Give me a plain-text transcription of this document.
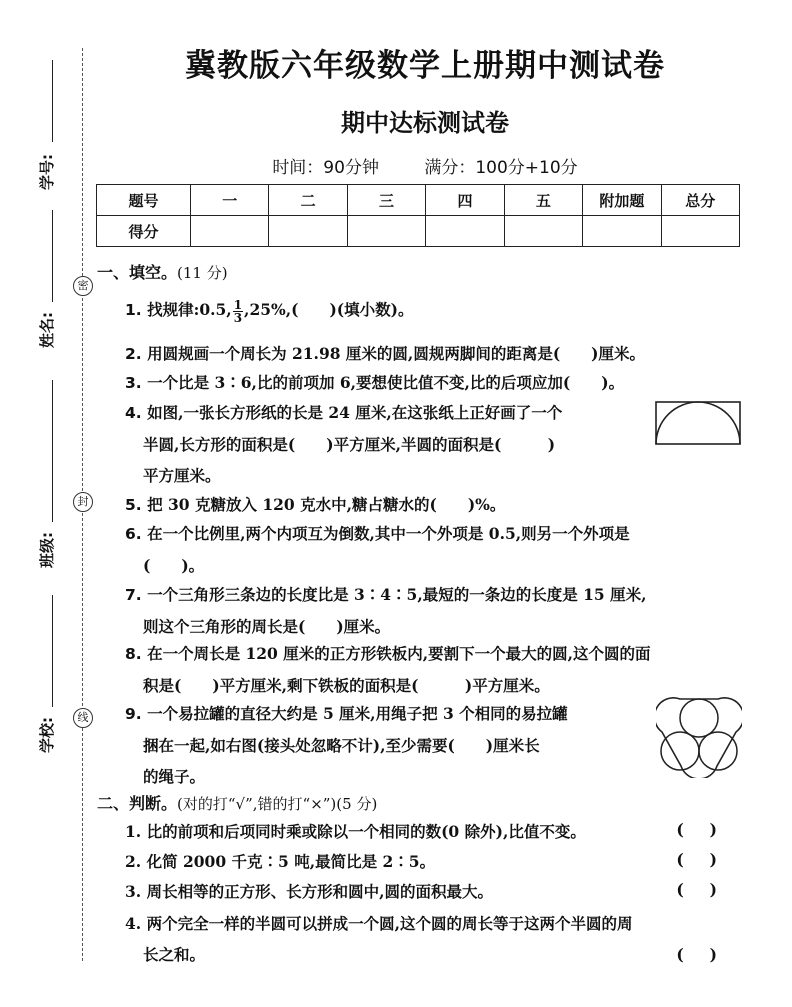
学号:
姓名:
班级:
学校:
密
封
线
冀教版六年级数学上册期中测试卷
期中达标测试卷
时间：90分钟	满分：100分+10分
题号	一	二	三	四	五	附加题	总分
得分							
一、填空。(11 分)
1. 找规律:0.5, $\frac{1}{3} ,25\%$,(　　)(填小数)。
2. 用圆规画一个周长为 21.98 厘米的圆,圆规两脚间的距离是(　　)厘米。
3. 一个比是 3∶6,比的前项加 6,要想使比值不变,比的后项应加(　　)。
4. 如图,一张长方形纸的长是 24 厘米,在这张纸上正好画了一个
半圆,长方形的面积是(　　)平方厘米,半圆的面积是(　　　)
平方厘米。
5. 把 30 克糖放入 120 克水中,糖占糖水的(　　)%。
6. 在一个比例里,两个内项互为倒数,其中一个外项是 0.5,则另一个外项是
(　　)。
7. 一个三角形三条边的长度比是 3∶4∶5,最短的一条边的长度是 15 厘米,
则这个三角形的周长是(　　)厘米。
8. 在一个周长是 120 厘米的正方形铁板内,要割下一个最大的圆,这个圆的面
积是(　　)平方厘米,剩下铁板的面积是(　　　)平方厘米。
9. 一个易拉罐的直径大约是 5 厘米,用绳子把 3 个相同的易拉罐
捆在一起,如右图(接头处忽略不计),至少需要(　　)厘米长
的绳子。
二、判断。(对的打“√”,错的打“×”)(5 分)
1. 比的前项和后项同时乘或除以一个相同的数(0 除外),比值不变。	()
2. 化简 2000 千克∶5 吨,最简比是 2∶5。	()
3. 周长相等的正方形、长方形和圆中,圆的面积最大。	()
4. 两个完全一样的半圆可以拼成一个圆,这个圆的周长等于这两个半圆的周
长之和。	()
